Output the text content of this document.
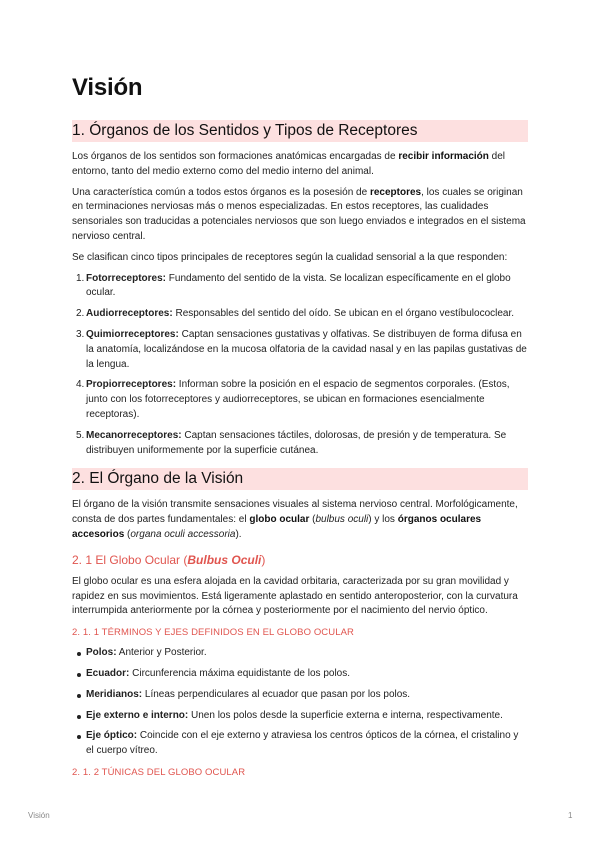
Visión
1. Órganos de los Sentidos y Tipos de Receptores

Los órganos de los sentidos son formaciones anatómicas encargadas de recibir información del entorno, tanto del medio externo como del medio interno del animal.

Una característica común a todos estos órganos es la posesión de receptores, los cuales se originan en terminaciones nerviosas más o menos especializadas. En estos receptores, las cualidades sensoriales son traducidas a potenciales nerviosos que son luego enviados e integrados en el sistema nervioso central.

Se clasifican cinco tipos principales de receptores según la cualidad sensorial a la que responden:

1. Fotorreceptores: Fundamento del sentido de la vista. Se localizan específicamente en el globo ocular.
2. Audiorreceptores: Responsables del sentido del oído. Se ubican en el órgano vestíbulococlear.
3. Quimiorreceptores: Captan sensaciones gustativas y olfativas. Se distribuyen de forma difusa en la anatomía, localizándose en la mucosa olfatoria de la cavidad nasal y en las papilas gustativas de la lengua.
4. Propiorreceptores: Informan sobre la posición en el espacio de segmentos corporales. (Estos, junto con los fotorreceptores y audiorreceptores, se ubican en formaciones esencialmente receptoras).
5. Mecanorreceptores: Captan sensaciones táctiles, dolorosas, de presión y de temperatura. Se distribuyen uniformemente por la superficie cutánea.
2. El Órgano de la Visión

El órgano de la visión transmite sensaciones visuales al sistema nervioso central. Morfológicamente, consta de dos partes fundamentales: el globo ocular (bulbus oculi) y los órganos oculares accesorios (organa oculi accessoria).

2. 1 El Globo Ocular (Bulbus Oculi)

El globo ocular es una esfera alojada en la cavidad orbitaria, caracterizada por su gran movilidad y rapidez en sus movimientos. Está ligeramente aplastado en sentido anteroposterior, con la curvatura interrumpida anteriormente por la córnea y posteriormente por el nacimiento del nervio óptico.

2. 1. 1 TÉRMINOS Y EJES DEFINIDOS EN EL GLOBO OCULAR
Polos: Anterior y Posterior.
Ecuador: Circunferencia máxima equidistante de los polos.
Meridianos: Líneas perpendiculares al ecuador que pasan por los polos.
Eje externo e interno: Unen los polos desde la superficie externa e interna, respectivamente.
Eje óptico: Coincide con el eje externo y atraviesa los centros ópticos de la córnea, el cristalino y el cuerpo vítreo.
2. 1. 2 TÚNICAS DEL GLOBO OCULAR
Visión	1
